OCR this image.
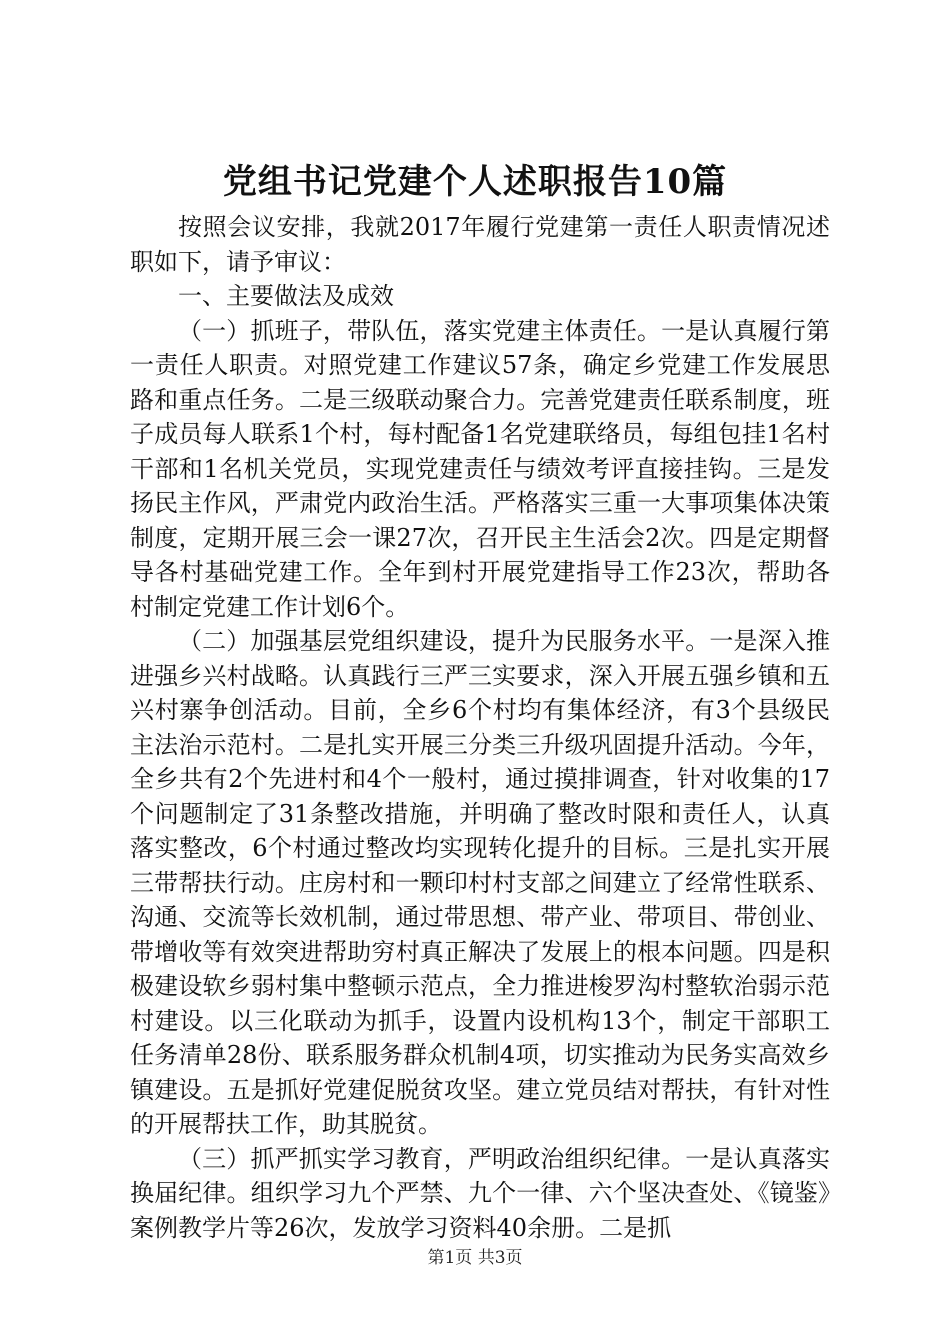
党组书记党建个人述职报告10篇

按照会议安排，我就2017年履行党建第一责任人职责情况述职如下，请予审议：

一、主要做法及成效

（一）抓班子，带队伍，落实党建主体责任。一是认真履行第一责任人职责。对照党建工作建议57条，确定乡党建工作发展思路和重点任务。二是三级联动聚合力。完善党建责任联系制度，班子成员每人联系1个村，每村配备1名党建联络员，每组包挂1名村干部和1名机关党员，实现党建责任与绩效考评直接挂钩。三是发扬民主作风，严肃党内政治生活。严格落实三重一大事项集体决策制度，定期开展三会一课27次，召开民主生活会2次。四是定期督导各村基础党建工作。全年到村开展党建指导工作23次，帮助各村制定党建工作计划6个。

（二）加强基层党组织建设，提升为民服务水平。一是深入推进强乡兴村战略。认真践行三严三实要求，深入开展五强乡镇和五兴村寨争创活动。目前，全乡6个村均有集体经济，有3个县级民主法治示范村。二是扎实开展三分类三升级巩固提升活动。今年，全乡共有2个先进村和4个一般村，通过摸排调查，针对收集的17个问题制定了31条整改措施，并明确了整改时限和责任人，认真落实整改，6个村通过整改均实现转化提升的目标。三是扎实开展三带帮扶行动。庄房村和一颗印村村支部之间建立了经常性联系、沟通、交流等长效机制，通过带思想、带产业、带项目、带创业、带增收等有效突进帮助穷村真正解决了发展上的根本问题。四是积极建设软乡弱村集中整顿示范点，全力推进梭罗沟村整软治弱示范村建设。以三化联动为抓手，设置内设机构13个，制定干部职工任务清单28份、联系服务群众机制4项，切实推动为民务实高效乡镇建设。五是抓好党建促脱贫攻坚。建立党员结对帮扶，有针对性的开展帮扶工作，助其脱贫。

（三）抓严抓实学习教育，严明政治组织纪律。一是认真落实换届纪律。组织学习九个严禁、九个一律、六个坚决查处、《镜鉴》案例教学片等26次，发放学习资料40余册。二是抓

第1页 共3页
